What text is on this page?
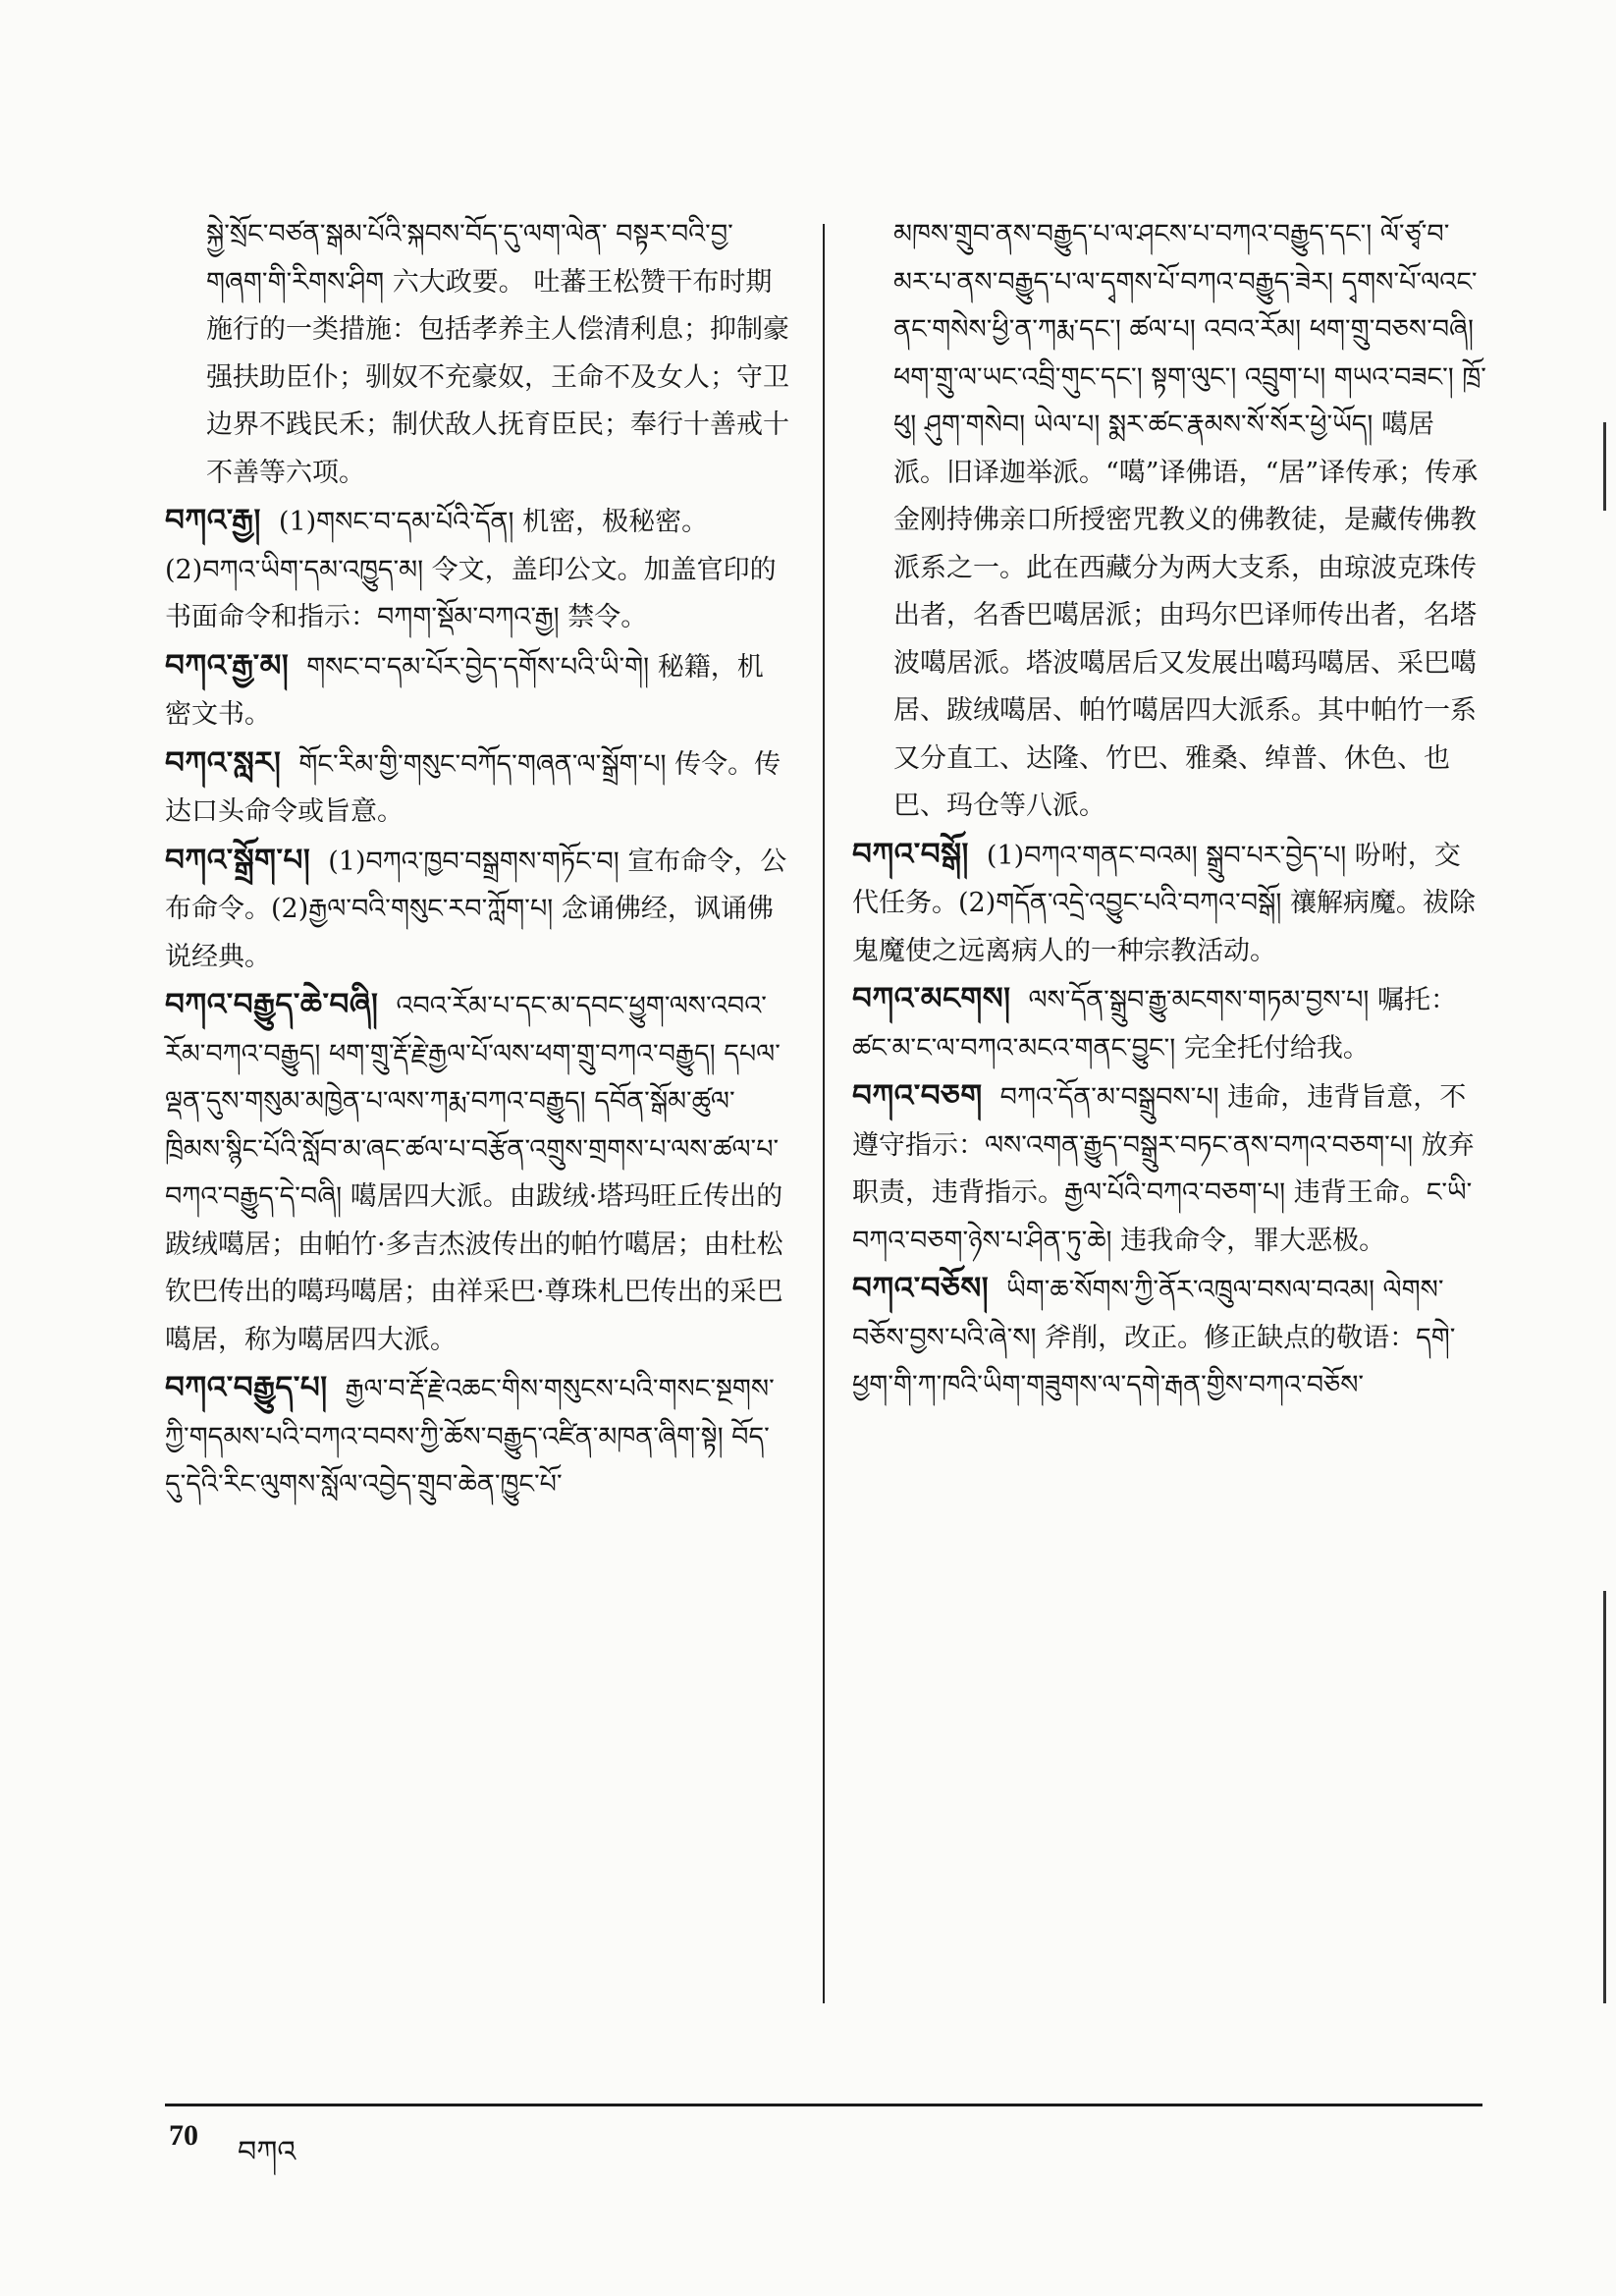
སྐྱེ་སྲོང་བཙན་སྒམ་པོའི་སྐབས་བོད་དུ་ལག་ལེན་ བསྟར་བའི་བྱ་གཞག་གི་རིགས་ཤིག 六大政要。 吐蕃王松赞干布时期施行的一类措施：包括孝养主人偿清利息；抑制豪强扶助臣仆；驯奴不充豪奴，王命不及女人；守卫边界不践民禾；制伏敌人抚育臣民；奉行十善戒十不善等六项。

བཀའ་རྒྱ། (1)གསང་བ་དམ་པོའི་དོན། 机密，极秘密。(2)བཀའ་ཡིག་དམ་འཁྱུད་མ། 令文，盖印公文。加盖官印的书面命令和指示：བཀག་སྡོམ་བཀའ་རྒྱ། 禁令。

བཀའ་རྒྱ་མ། གསང་བ་དམ་པོར་བྱེད་དགོས་པའི་ཡི་གེ། 秘籍，机密文书。

བཀའ་སླར། གོང་རིམ་གྱི་གསུང་བཀོད་གཞན་ལ་སྒྲོག་པ། 传令。传达口头命令或旨意。

བཀའ་སྒྲོག་པ། (1)བཀའ་ཁྱབ་བསྒྲགས་གཏོང་བ། 宣布命令，公布命令。(2)རྒྱལ་བའི་གསུང་རབ་ཀློག་པ། 念诵佛经，讽诵佛说经典。

བཀའ་བརྒྱུད་ཆེ་བཞི། འབའ་རོམ་པ་དང་མ་དབང་ཕྱུག་ལས་འབའ་རོམ་བཀའ་བརྒྱུད། ཕག་གྲུ་རྡོ་རྗེ་རྒྱལ་པོ་ལས་ཕག་གྲུ་བཀའ་བརྒྱུད། དཔལ་ལྡན་དུས་གསུམ་མཁྱེན་པ་ལས་ཀརྨ་བཀའ་བརྒྱུད། དབོན་སྒོམ་ཚུལ་ཁྲིམས་སྙིང་པོའི་སློབ་མ་ཞང་ཚལ་པ་བརྩོན་འགྲུས་གྲགས་པ་ལས་ཚལ་པ་བཀའ་བརྒྱུད་དེ་བཞི། 噶居四大派。由跋绒·塔玛旺丘传出的跋绒噶居；由帕竹·多吉杰波传出的帕竹噶居；由杜松钦巴传出的噶玛噶居；由祥采巴·尊珠札巴传出的采巴噶居，称为噶居四大派。

བཀའ་བརྒྱུད་པ། རྒྱལ་བ་རྡོ་རྗེ་འཆང་གིས་གསུངས་པའི་གསང་སྔགས་ཀྱི་གདམས་པའི་བཀའ་བབས་ཀྱི་ཆོས་བརྒྱུད་འཛིན་མཁན་ཞིག་སྟེ། བོད་དུ་དེའི་རིང་ལུགས་སློལ་འབྱེད་གྲུབ་ཆེན་ཁྱུང་པོ་

མཁས་གྲུབ་ནས་བརྒྱུད་པ་ལ་ཤངས་པ་བཀའ་བརྒྱུད་དང་། ལོ་ཙྭ་བ་མར་པ་ནས་བརྒྱུད་པ་ལ་དྭགས་པོ་བཀའ་བརྒྱུད་ཟེར། དྭགས་པོ་ལའང་ནང་གསེས་ཕྱི་ན་ཀརྨ་དང་། ཚལ་པ། འབའ་རོམ། ཕག་གྲུ་བཅས་བཞི། ཕག་གྲུ་ལ་ཡང་འབྲི་གུང་དང་། སྟག་ལུང་། འབྲུག་པ། གཡའ་བཟང་། ཁྲོ་ཕུ། ཤུག་གསེབ། ཡེལ་པ། སྨར་ཚང་རྣམས་སོ་སོར་ཕྱེ་ཡོད། 噶居派。旧译迦举派。“噶”译佛语，“居”译传承；传承金刚持佛亲口所授密咒教义的佛教徒，是藏传佛教派系之一。此在西藏分为两大支系，由琼波克珠传出者，名香巴噶居派；由玛尔巴译师传出者，名塔波噶居派。塔波噶居后又发展出噶玛噶居、采巴噶居、跋绒噶居、帕竹噶居四大派系。其中帕竹一系又分直工、达隆、竹巴、雅桑、绰普、休色、也巴、玛仓等八派。

བཀའ་བསྒོ། (1)བཀའ་གནང་བའམ། སྒྲུབ་པར་བྱེད་པ། 吩咐，交代任务。(2)གདོན་འདྲེ་འབྱུང་པའི་བཀའ་བསྒོ། 禳解病魔。祓除鬼魔使之远离病人的一种宗教活动。

བཀའ་མངགས། ལས་དོན་སྒྲུབ་རྒྱུ་མངགས་གཏམ་བྱས་པ། 嘱托：ཚང་མ་ང་ལ་བཀའ་མངའ་གནང་བྱུང་། 完全托付给我。

བཀའ་བཅག བཀའ་དོན་མ་བསྒྲུབས་པ། 违命，违背旨意，不遵守指示：ལས་འགན་རྒྱུད་བསྒྲུར་བཏང་ནས་བཀའ་བཅག་པ། 放弃职责，违背指示。རྒྱལ་པོའི་བཀའ་བཅག་པ། 违背王命。ང་ཡི་བཀའ་བཅག་ཉེས་པ་ཤིན་ཏུ་ཆེ། 违我命令，罪大恶极。

བཀའ་བཅོས། ཡིག་ཆ་སོགས་ཀྱི་ནོར་འཁྲུལ་བསལ་བའམ། ལེགས་བཅོས་བྱས་པའི་ཞེ་ས། 斧削，改正。修正缺点的敬语：དགེ་ཕྱག་གི་ཀ་ཁའི་ཡིག་གཟུགས་ལ་དགེ་རྒན་གྱིས་བཀའ་བཅོས་

70 བཀའ
